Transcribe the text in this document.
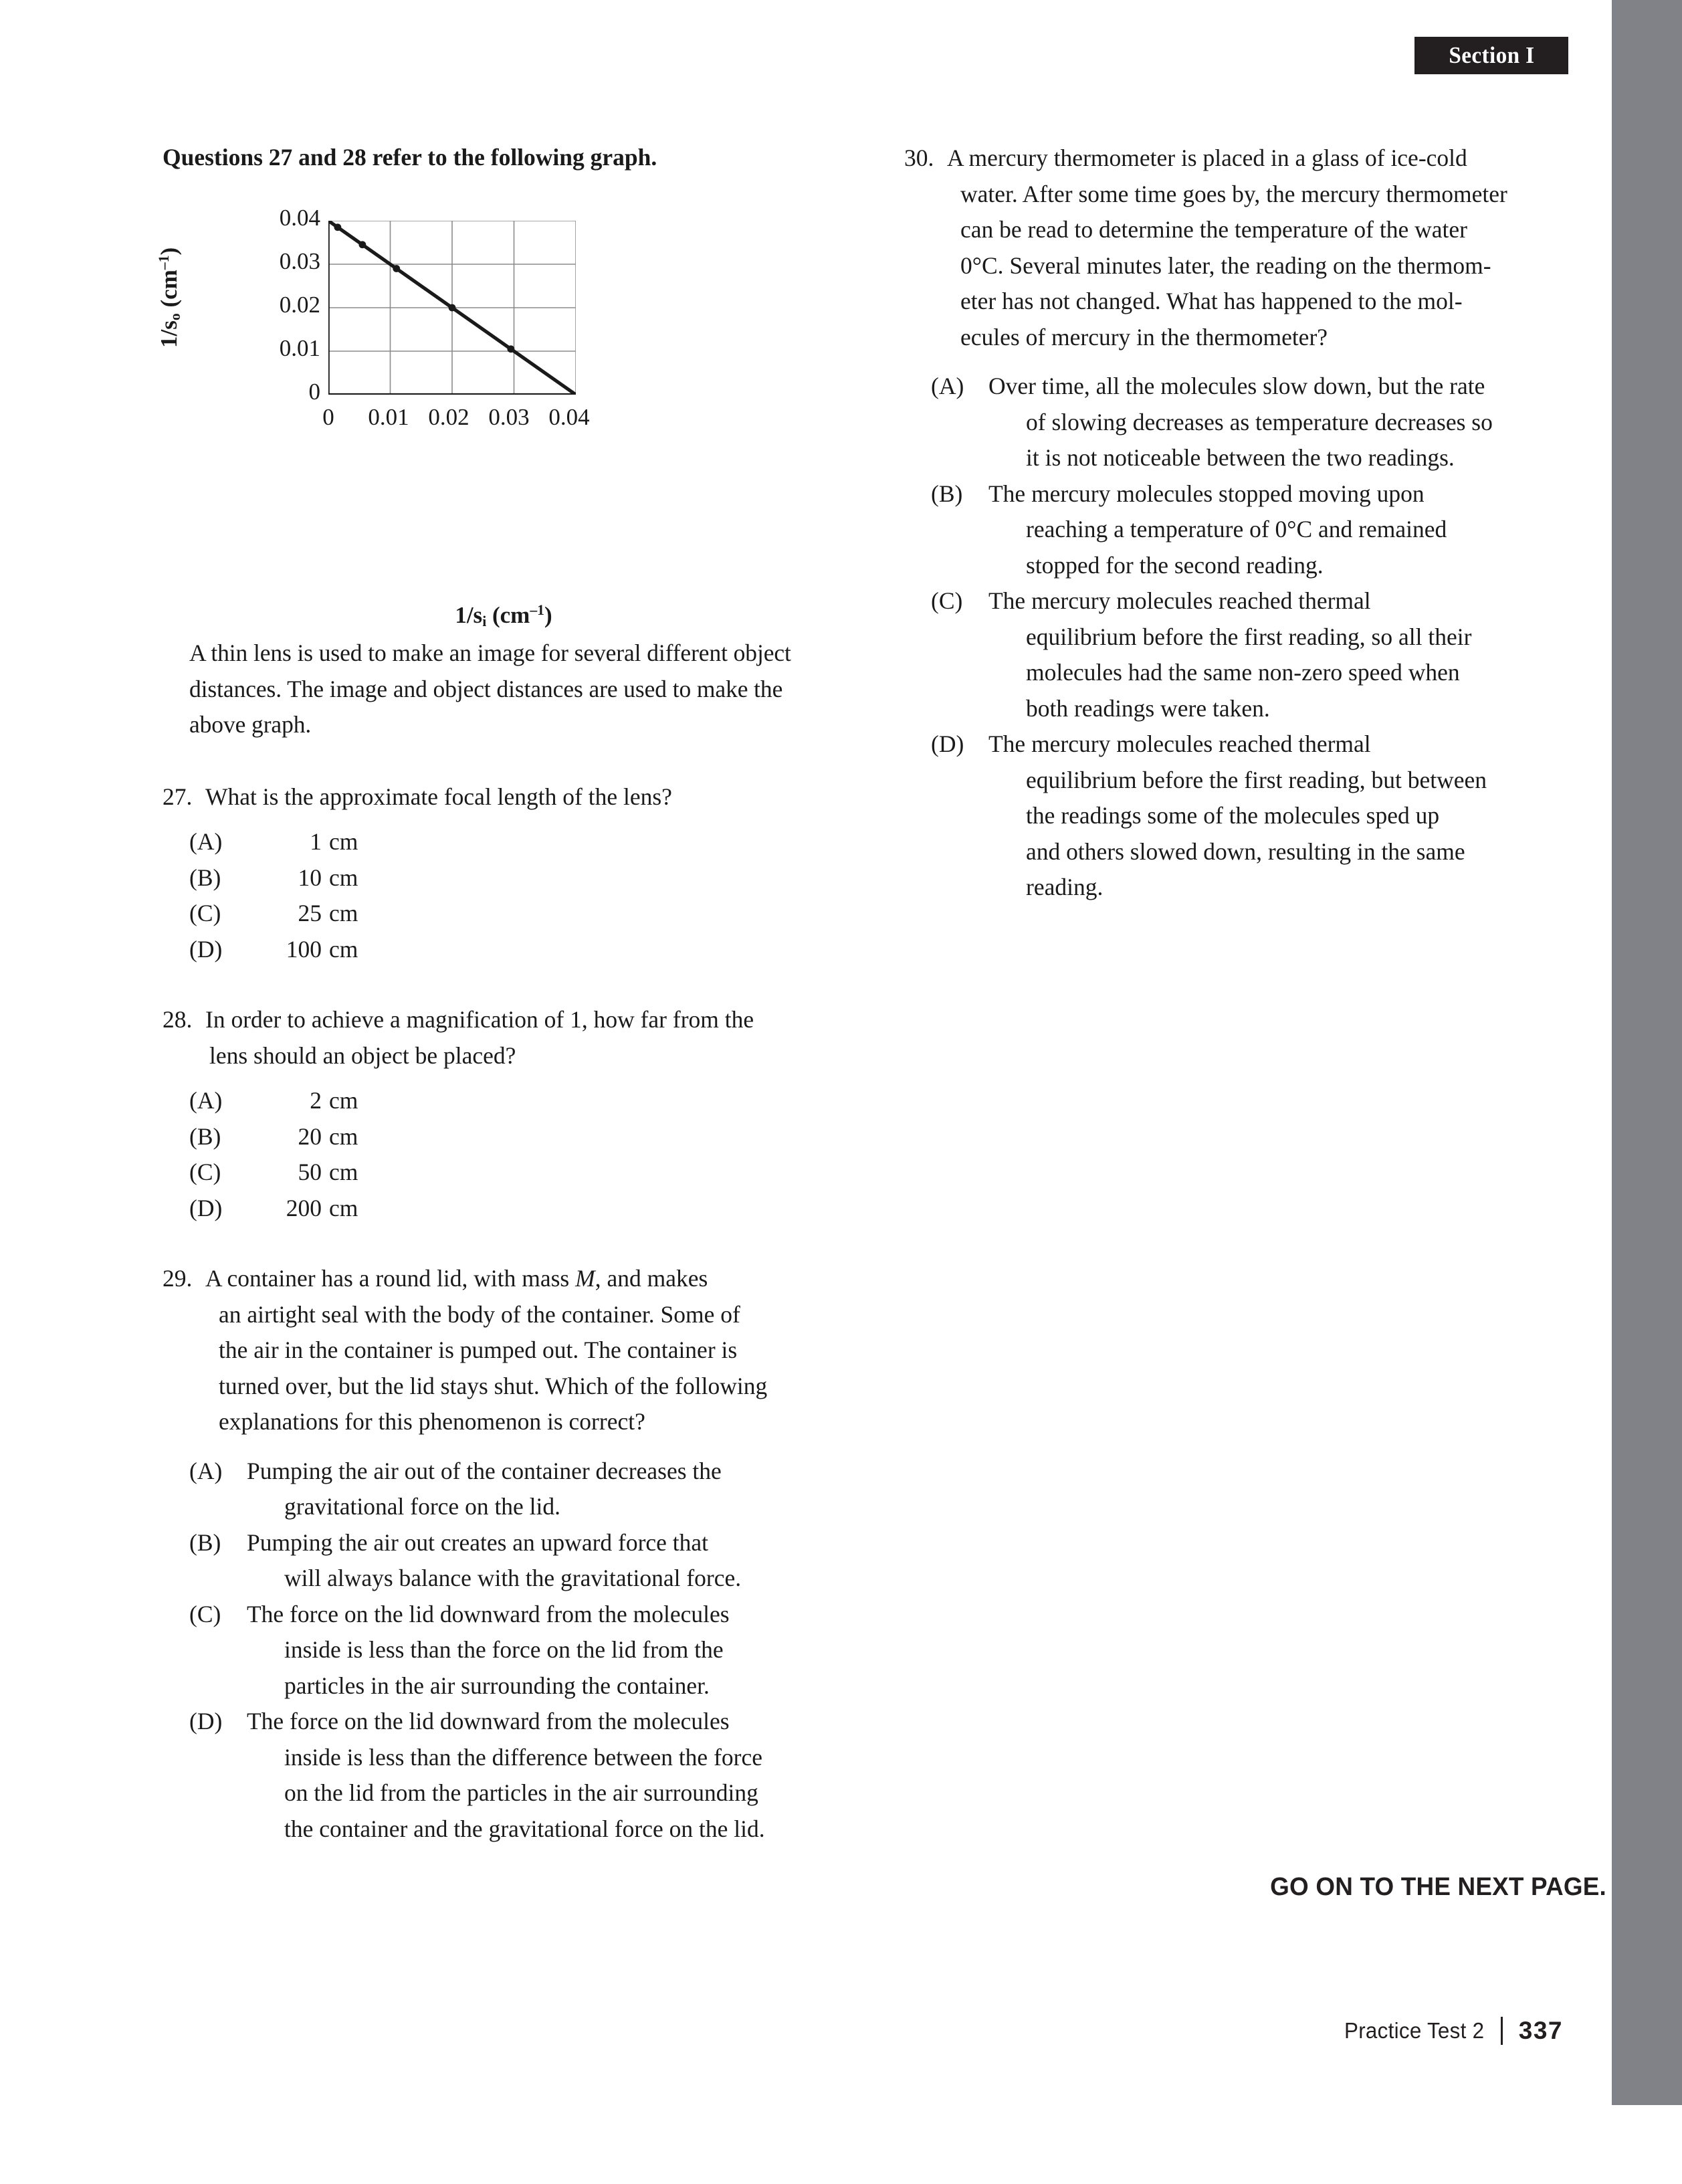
Section I
Questions 27 and 28 refer to the following graph.
A thin lens is used to make an image for several different object distances. The image and object distances are used to make the above graph.
27. What is the approximate focal length of the lens?
(A)	1 cm
(B)	10 cm
(C)	25 cm
(D)	100 cm
28. In order to achieve a magnification of 1, how far from the
lens should an object be placed?
(A)	2 cm
(B)	20 cm
(C)	50 cm
(D)	200 cm
29. A container has a round lid, with mass M, and makes
an airtight seal with the body of the container. Some of
the air in the container is pumped out. The container is
turned over, but the lid stays shut. Which of the following
explanations for this phenomenon is correct?
(A)	Pumping the air out of the container decreases the
gravitational force on the lid.
(B)	Pumping the air out creates an upward force that
will always balance with the gravitational force.
(C)	The force on the lid downward from the molecules
inside is less than the force on the lid from the
particles in the air surrounding the container.
(D)	The force on the lid downward from the molecules
inside is less than the difference between the force
on the lid from the particles in the air surrounding
the container and the gravitational force on the lid.
$1/s_o$ $(cm^{-1})$
0.04
0.03
0.02
0.01
0
0 0.01 0.02 0.03 0.04
$1/s_i$ $(cm^{-1})$
30. A mercury thermometer is placed in a glass of ice-cold
water. After some time goes by, the mercury thermometer
can be read to determine the temperature of the water
0°C. Several minutes later, the reading on the thermom-
eter has not changed. What has happened to the mol-
ecules of mercury in the thermometer?
(A)	Over time, all the molecules slow down, but the rate
of slowing decreases as temperature decreases so
it is not noticeable between the two readings.
(B)	The mercury molecules stopped moving upon
reaching a temperature of 0°C and remained
stopped for the second reading.
(C)	The mercury molecules reached thermal
equilibrium before the first reading, so all their
molecules had the same non-zero speed when
both readings were taken.
(D)	The mercury molecules reached thermal
equilibrium before the first reading, but between
the readings some of the molecules sped up
and others slowed down, resulting in the same
reading.
GO ON TO THE NEXT PAGE.
Practice Test 2 337
